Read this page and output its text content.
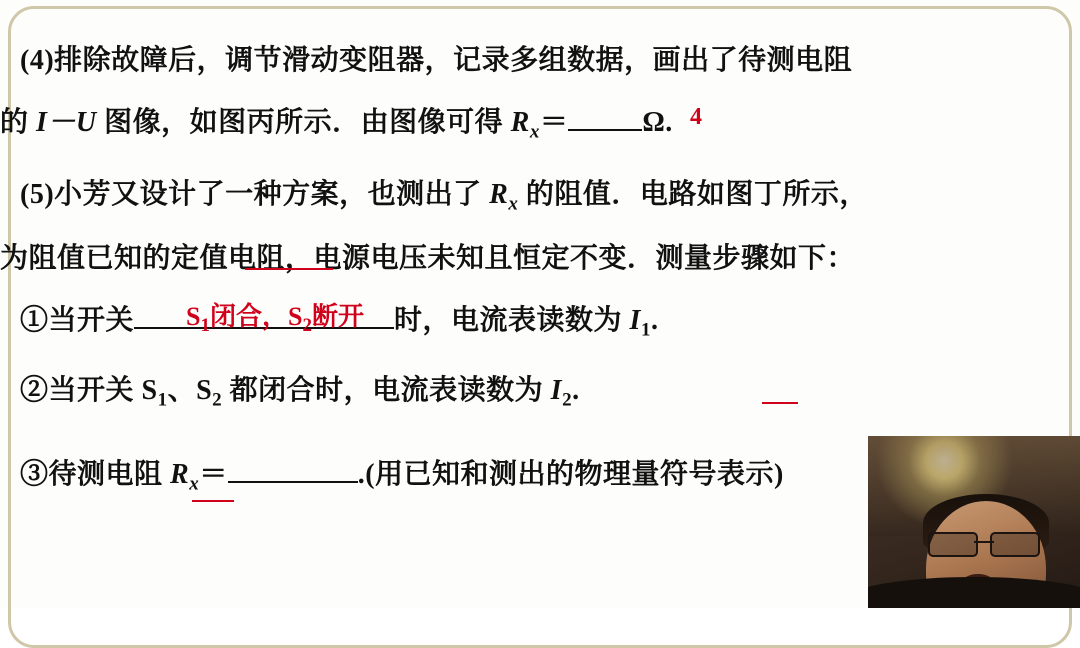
(4)排除故障后，调节滑动变阻器，记录多组数据，画出了待测电阻
的 I－U 图像，如图丙所示．由图像可得 $R_x=$	Ω. 4
(5)小芳又设计了一种方案，也测出了 $R_x$ 的阻值．电路如图丁所示，
为阻值已知的定值电阻，电源电压未知且恒定不变．测量步骤如下：
①当开关	时，电流表读数为 $I_1$.
$S_1$闭合，$S_2$断开
②当开关 $S_1$、$S_2$ 都闭合时，电流表读数为 $I_2$.
③待测电阻 $R_x=$	.(用已知和测出的物理量符号表示)
